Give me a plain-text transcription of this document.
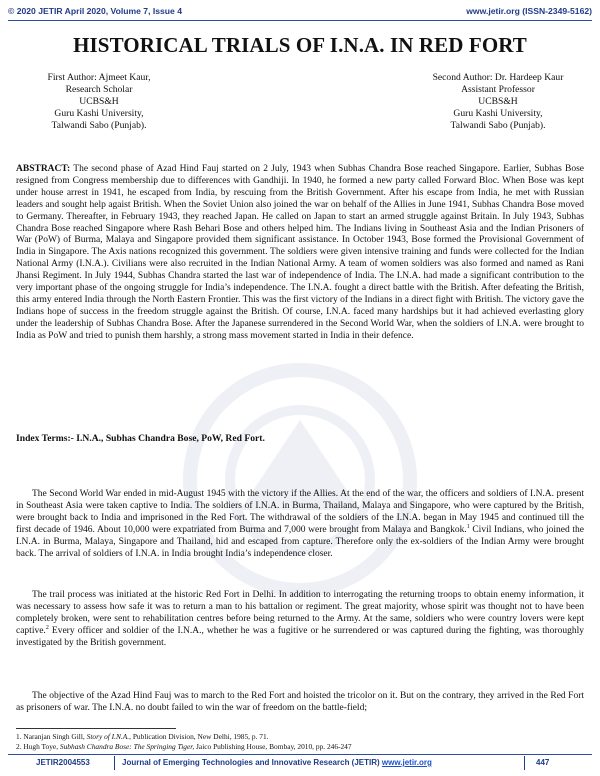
© 2020 JETIR April 2020, Volume 7, Issue 4	www.jetir.org (ISSN-2349-5162)
HISTORICAL TRIALS OF I.N.A. IN RED FORT
First Author: Ajmeet Kaur,
Research Scholar
UCBS&H
Guru Kashi University,
Talwandi Sabo (Punjab).
Second Author: Dr. Hardeep Kaur
Assistant Professor
UCBS&H
Guru Kashi University,
Talwandi Sabo (Punjab).
ABSTRACT: The second phase of Azad Hind Fauj started on 2 July, 1943 when Subhas Chandra Bose reached Singapore. Earlier, Subhas Bose resigned from Congress membership due to differences with Gandhiji. In 1940, he formed a new party called Forward Bloc. When Bose was kept under house arrest in 1941, he escaped from India, by rescuing from the British Government. After his escape from India, he met with Russian leaders and sought help agaist British. When the Soviet Union also joined the war on behalf of the Allies in June 1941, Subhas Chandra Bose moved to Germany. Thereafter, in February 1943, they reached Japan. He called on Japan to start an armed struggle against Britain. In July 1943, Subhas Chandra Bose reached Singapore where Rash Behari Bose and others helped him. The Indians living in Southeast Asia and the Indian Prisoners of War (PoW) of Burma, Malaya and Singapore provided them significant assistance. In October 1943, Bose formed the Provisional Government of India in Singapore. The Axis nations recognized this government. The soldiers were given intensive training and funds were collected for the Indian National Army (I.N.A.). Civilians were also recruited in the Indian National Army. A team of women soldiers was also formed and named as Rani Jhansi Regiment. In July 1944, Subhas Chandra started the last war of independence of India. The I.N.A. had made a significant contribution to the very important phase of the ongoing struggle for India’s independence. The I.N.A. fought a direct battle with the British. After defeating the British, this army entered India through the North Eastern Frontier. This was the first victory of the Indians in a direct fight with British. The victory gave the Indians hope of success in the freedom struggle against the British. Of course, I.N.A. faced many hardships but it had achieved everlasting glory under the leadership of Subhas Chandra Bose. After the Japanese surrendered in the Second World War, when the soldiers of I.N.A. were brought to India as PoW and tried to punish them harshly, a strong mass movement started in India in their defence.
Index Terms:- I.N.A., Subhas Chandra Bose, PoW, Red Fort.

The Second World War ended in mid-August 1945 with the victory if the Allies. At the end of the war, the officers and soldiers of I.N.A. present in Southeast Asia were taken captive to India. The soldiers of I.N.A. in Burma, Thailand, Malaya and Singapore, who were captured by the British, were brought back to India and imprisoned in the Red Fort. The withdrawal of the soldiers of the I.N.A. began in May 1945 and continued till the first decade of 1946. About 10,000 were expatriated from Burma and 7,000 were brought from Malaya and Bangkok.$^1$ Civil Indians, who joined the I.N.A. in Burma, Malaya, Singapore and Thailand, hid and escaped from capture. Therefore only the ex-soldiers of the Indian Army were brought back. The arrival of soldiers of I.N.A. in India brought India’s independence closer.

The trail process was initiated at the historic Red Fort in Delhi. In addition to interrogating the returning troops to obtain enemy information, it was necessary to assess how safe it was to return a man to his battalion or regiment. The great majority, whose spirit was thought not to have been completely broken, were sent to rehabilitation centres before being returned to the Army. At the same, soldiers who were country lovers were kept captive.$^2$ Every officer and soldier of the I.N.A., whether he was a fugitive or he surrendered or was captured during the fighting, was thoroughly investigated by the British government.

The objective of the Azad Hind Fauj was to march to the Red Fort and hoisted the tricolor on it. But on the contrary, they arrived in the Red Fort as prisoners of war. The I.N.A. no doubt failed to win the war of freedom on the battle-field;

1. Naranjan Singh Gill, Story of I.N.A., Publication Division, New Delhi, 1985, p. 71.
2. Hugh Toye, Subhash Chandra Bose: The Springing Tiger, Jaico Publishing House, Bombay, 2010, pp. 246-247
JETIR2004553	Journal of Emerging Technologies and Innovative Research (JETIR) www.jetir.org	447
